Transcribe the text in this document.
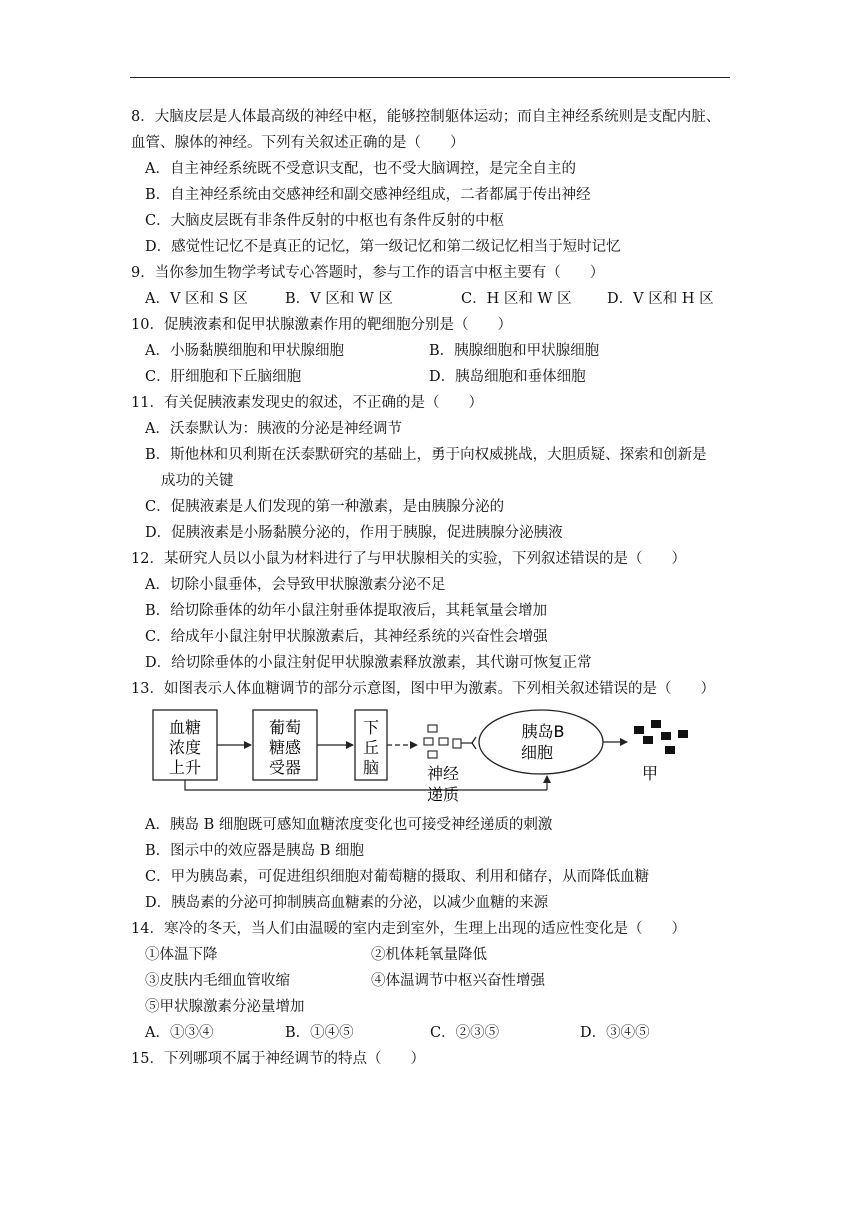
8．大脑皮层是人体最高级的神经中枢，能够控制躯体运动；而自主神经系统则是支配内脏、
血管、腺体的神经。下列有关叙述正确的是（　　）
A．自主神经系统既不受意识支配，也不受大脑调控，是完全自主的
B．自主神经系统由交感神经和副交感神经组成，二者都属于传出神经
C．大脑皮层既有非条件反射的中枢也有条件反射的中枢
D．感觉性记忆不是真正的记忆，第一级记忆和第二级记忆相当于短时记忆
9．当你参加生物学考试专心答题时，参与工作的语言中枢主要有（　　）
A．V 区和 S 区	B．V 区和 W 区	C．H 区和 W 区	D．V 区和 H 区
10．促胰液素和促甲状腺激素作用的靶细胞分别是（　　）
A．小肠黏膜细胞和甲状腺细胞	B．胰腺细胞和甲状腺细胞
C．肝细胞和下丘脑细胞	D．胰岛细胞和垂体细胞
11．有关促胰液素发现史的叙述，不正确的是（　　）
A．沃泰默认为：胰液的分泌是神经调节
B．斯他林和贝利斯在沃泰默研究的基础上，勇于向权威挑战，大胆质疑、探索和创新是
成功的关键
C．促胰液素是人们发现的第一种激素，是由胰腺分泌的
D．促胰液素是小肠黏膜分泌的，作用于胰腺，促进胰腺分泌胰液
12．某研究人员以小鼠为材料进行了与甲状腺相关的实验，下列叙述错误的是（　　）
A．切除小鼠垂体，会导致甲状腺激素分泌不足
B．给切除垂体的幼年小鼠注射垂体提取液后，其耗氧量会增加
C．给成年小鼠注射甲状腺激素后，其神经系统的兴奋性会增强
D．给切除垂体的小鼠注射促甲状腺激素释放激素，其代谢可恢复正常
13．如图表示人体血糖调节的部分示意图，图中甲为激素。下列相关叙述错误的是（　　）
血糖
浓度
上升
葡萄
糖感
受器
下
丘
脑	神经
递质
胰岛B
细胞
甲
A．胰岛 B 细胞既可感知血糖浓度变化也可接受神经递质的刺激
B．图示中的效应器是胰岛 B 细胞
C．甲为胰岛素，可促进组织细胞对葡萄糖的摄取、利用和储存，从而降低血糖
D．胰岛素的分泌可抑制胰高血糖素的分泌，以减少血糖的来源
14．寒冷的冬天，当人们由温暖的室内走到室外，生理上出现的适应性变化是（　　）
①体温下降	②机体耗氧量降低
③皮肤内毛细血管收缩	④体温调节中枢兴奋性增强
⑤甲状腺激素分泌量增加
A．①③④	B．①④⑤	C．②③⑤	D．③④⑤
15．下列哪项不属于神经调节的特点（　　）
